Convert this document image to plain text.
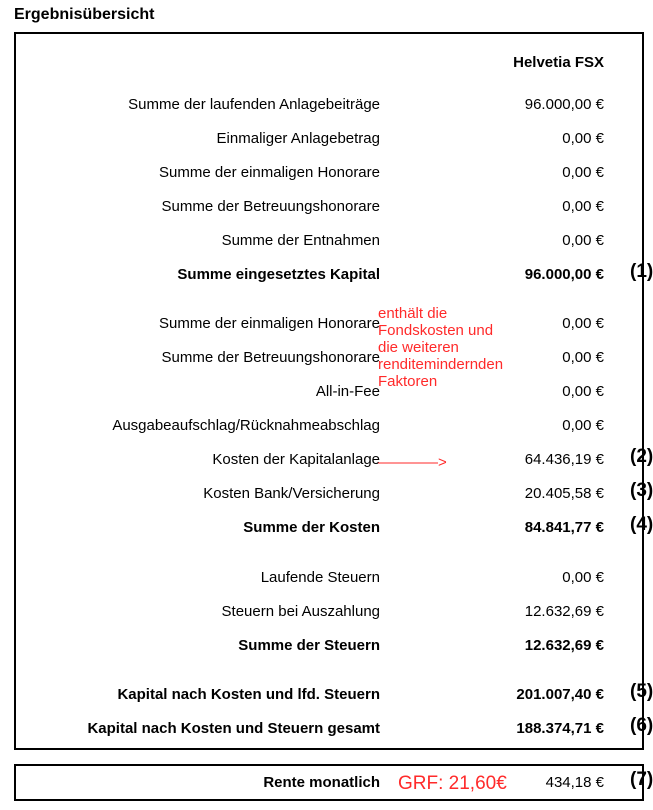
Ergebnisübersicht
Helvetia FSX
Summe der laufenden Anlagebeiträge	96.000,00 €
Einmaliger Anlagebetrag	0,00 €
Summe der einmaligen Honorare	0,00 €
Summe der Betreuungshonorare	0,00 €
Summe der Entnahmen	0,00 €
Summe eingesetztes Kapital	96.000,00 € (1)
Summe der einmaligen Honorare	0,00 €
Summe der Betreuungshonorare	0,00 €
All-in-Fee	0,00 €
Ausgabeaufschlag/Rücknahmeabschlag	0,00 €
Kosten der Kapitalanlage	64.436,19 € (2)
Kosten Bank/Versicherung	20.405,58 € (3)
Summe der Kosten	84.841,77 € (4)
Laufende Steuern	0,00 €
Steuern bei Auszahlung	12.632,69 €
Summe der Steuern	12.632,69 €
Kapital nach Kosten und lfd. Steuern	201.007,40 € (5)
Kapital nach Kosten und Steuern gesamt	188.374,71 € (6)
enthält die
Fondskosten und
die weiteren
renditemindernden
Faktoren
————>
Rente monatlich GRF: 21,60€	434,18 € (7)
